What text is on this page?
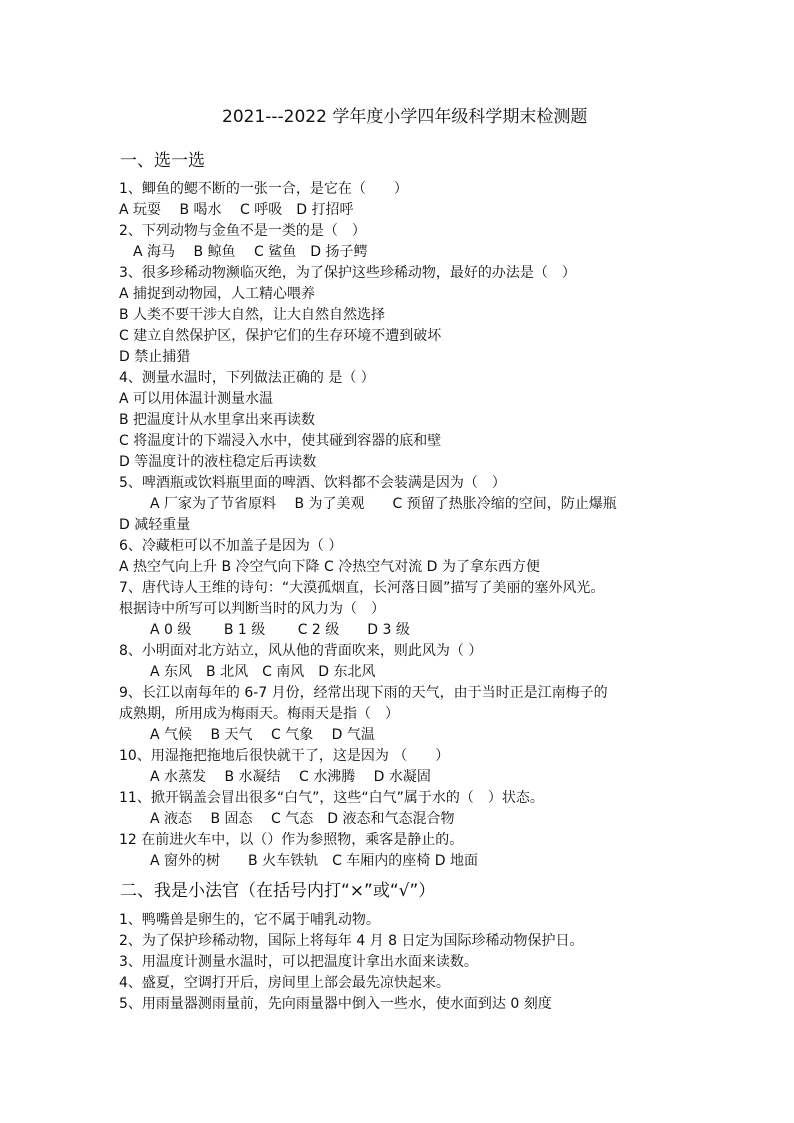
2021---2022 学年度小学四年级科学期末检测题
一、选一选
1、鲫鱼的鳃不断的一张一合，是它在（　　）
A 玩耍　 B 喝水　 C 呼吸　D 打招呼
2、下列动物与金鱼不是一类的是（　）
　A 海马　 B 鲸鱼　 C 鲨鱼　D 扬子鳄
3、很多珍稀动物濒临灭绝，为了保护这些珍稀动物，最好的办法是（　）
A 捕捉到动物园，人工精心喂养
B 人类不要干涉大自然，让大自然自然选择
C 建立自然保护区，保护它们的生存环境不遭到破坏
D 禁止捕猎
4、测量水温时，下列做法正确的 是（ ）
A 可以用体温计测量水温
B 把温度计从水里拿出来再读数
C 将温度计的下端浸入水中，使其碰到容器的底和壁
D 等温度计的液柱稳定后再读数
5、啤酒瓶或饮料瓶里面的啤酒、饮料都不会装满是因为（　）
A 厂家为了节省原料　 B 为了美观　　C 预留了热胀冷缩的空间，防止爆瓶
D 减轻重量
6、冷藏柜可以不加盖子是因为（ ）
A 热空气向上升 B 冷空气向下降 C 冷热空气对流 D 为了拿东西方便
7、唐代诗人王维的诗句：“大漠孤烟直，长河落日圆”描写了美丽的塞外风光。
根据诗中所写可以判断当时的风力为（　）
A 0 级　　 B 1 级　　 C 2 级　　D 3 级
8、小明面对北方站立，风从他的背面吹来，则此风为（ ）
A 东风　B 北风　C 南风　D 东北风
9、长江以南每年的 6-7 月份，经常出现下雨的天气，由于当时正是江南梅子的
成熟期，所用成为梅雨天。梅雨天是指（　）
A 气候　 B 天气　 C 气象　 D 气温
10、用湿拖把拖地后很快就干了，这是因为 （　　）
A 水蒸发　 B 水凝结　 C 水沸腾　 D 水凝固
11、掀开锅盖会冒出很多“白气”，这些“白气”属于水的（　）状态。
A 液态　 B 固态　 C 气态　D 液态和气态混合物
12 在前进火车中，以（）作为参照物，乘客是静止的。
A 窗外的树　　B 火车铁轨　C 车厢内的座椅 D 地面
二、我是小法官（在括号内打“×”或“√”）
1、鸭嘴兽是卵生的，它不属于哺乳动物。
2、为了保护珍稀动物，国际上将每年 4 月 8 日定为国际珍稀动物保护日。
3、用温度计测量水温时，可以把温度计拿出水面来读数。
4、盛夏，空调打开后，房间里上部会最先凉快起来。
5、用雨量器测雨量前，先向雨量器中倒入一些水，使水面到达 0 刻度
